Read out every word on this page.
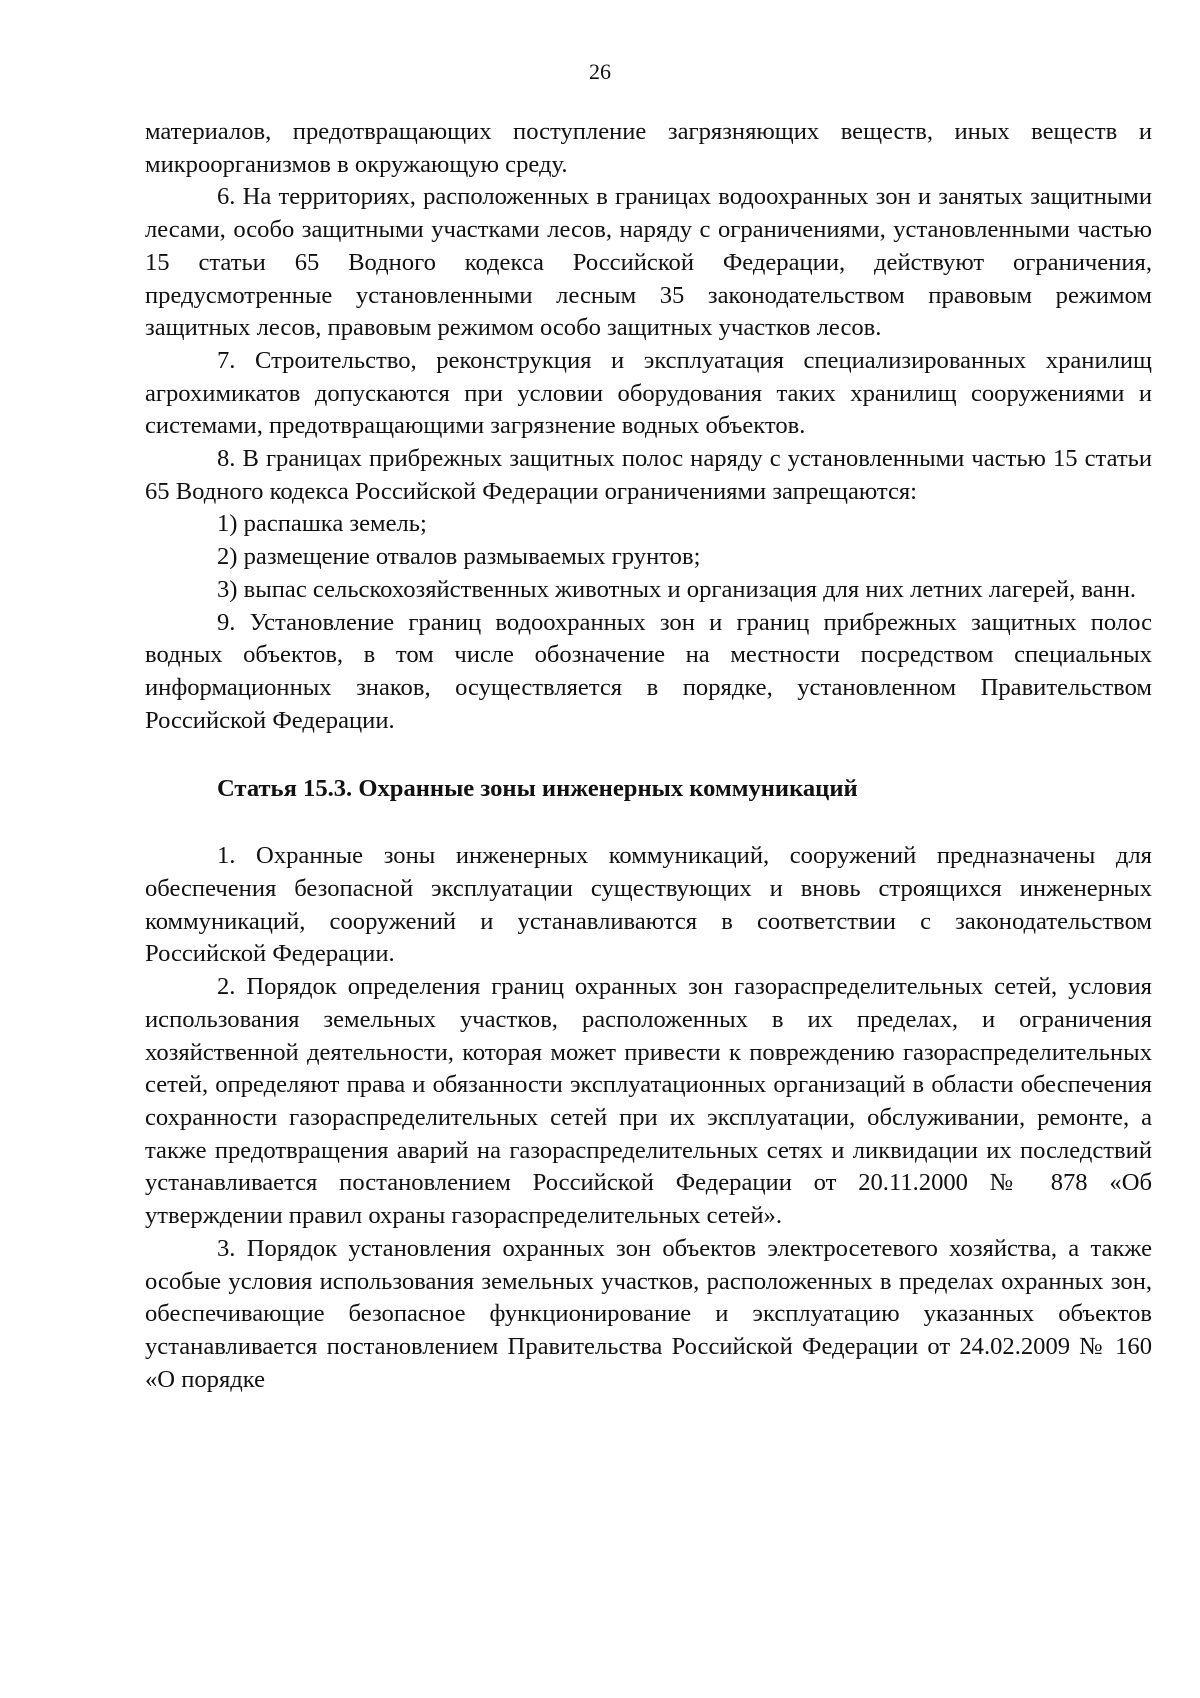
26

материалов, предотвращающих поступление загрязняющих веществ, иных веществ и микроорганизмов в окружающую среду.

6. На территориях, расположенных в границах водоохранных зон и занятых защитными лесами, особо защитными участками лесов, наряду с ограничениями, установленными частью 15 статьи 65 Водного кодекса Российской Федерации, действуют ограничения, предусмотренные установленными лесным 35 законодательством правовым режимом защитных лесов, правовым режимом особо защитных участков лесов.

7. Строительство, реконструкция и эксплуатация специализированных хранилищ агрохимикатов допускаются при условии оборудования таких хранилищ сооружениями и системами, предотвращающими загрязнение водных объектов.

8. В границах прибрежных защитных полос наряду с установленными частью 15 статьи 65 Водного кодекса Российской Федерации ограничениями запрещаются:

1) распашка земель;

2) размещение отвалов размываемых грунтов;

3) выпас сельскохозяйственных животных и организация для них летних лагерей, ванн.

9. Установление границ водоохранных зон и границ прибрежных защитных полос водных объектов, в том числе обозначение на местности посредством специальных информационных знаков, осуществляется в порядке, установленном Правительством Российской Федерации.

Статья 15.3. Охранные зоны инженерных коммуникаций

1. Охранные зоны инженерных коммуникаций, сооружений предназначены для обеспечения безопасной эксплуатации существующих и вновь строящихся инженерных коммуникаций, сооружений и устанавливаются в соответствии с законодательством Российской Федерации.

2. Порядок определения границ охранных зон газораспределительных сетей, условия использования земельных участков, расположенных в их пределах, и ограничения хозяйственной деятельности, которая может привести к повреждению газораспределительных сетей, определяют права и обязанности эксплуатационных организаций в области обеспечения сохранности газораспределительных сетей при их эксплуатации, обслуживании, ремонте, а также предотвращения аварий на газораспределительных сетях и ликвидации их последствий устанавливается постановлением Российской Федерации от 20.11.2000 № 878 «Об утверждении правил охраны газораспределительных сетей».

3. Порядок установления охранных зон объектов электросетевого хозяйства, а также особые условия использования земельных участков, расположенных в пределах охранных зон, обеспечивающие безопасное функционирование и эксплуатацию указанных объектов устанавливается постановлением Правительства Российской Федерации от 24.02.2009 № 160 «О порядке
